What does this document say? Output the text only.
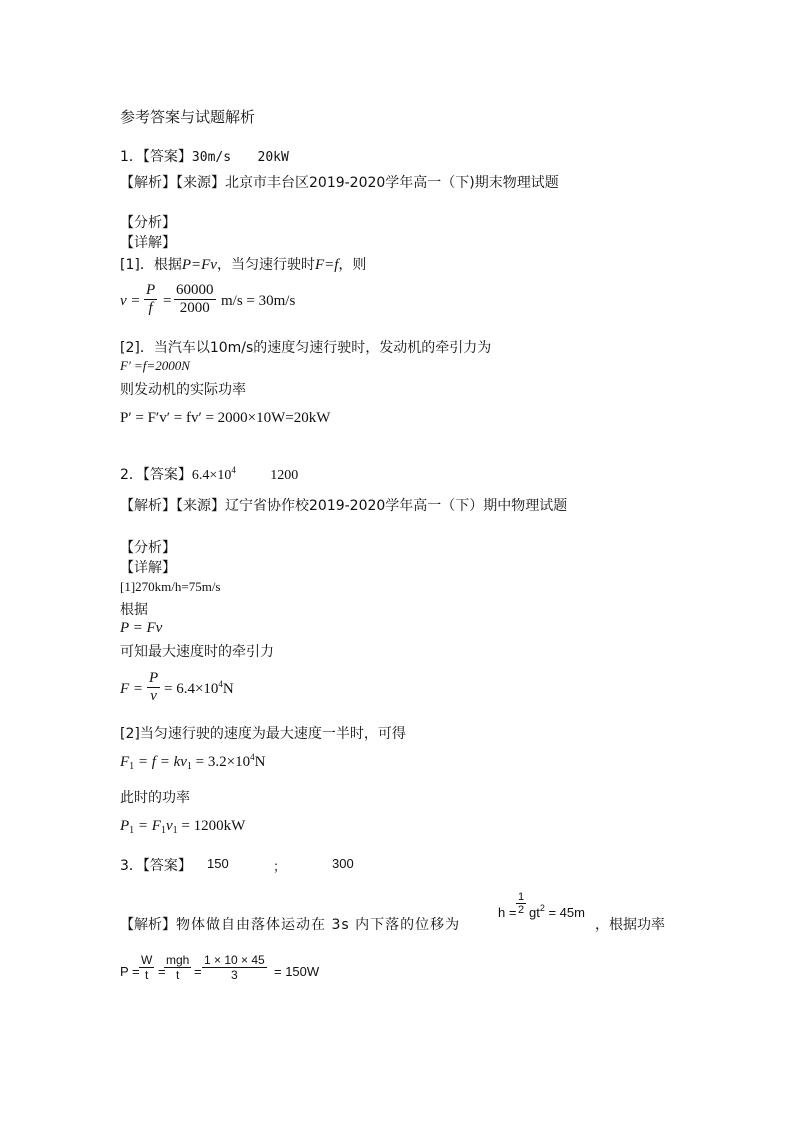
参考答案与试题解析
1．【答案】30m/s 20kW
【解析】【来源】北京市丰台区2019-2020学年高一（下)期末物理试题
【分析】
【详解】
[1]．根据P=Fv，当匀速行驶时F=f，则
$v = \frac{P}{f} = \frac{60000}{2000} m/s = 30m/s$
[2]．当汽车以10m/s的速度匀速行驶时，发动机的牵引力为
F′ =f=2000N
则发动机的实际功率
P′ = F′v′ = fv′ = 2000×10W=20kW
2．【答案】$6.4\times 10^4$ 1200
【解析】【来源】辽宁省协作校2019-2020学年高一（下）期中物理试题
【分析】
【详解】
[1]270km/h=75m/s
根据
P = Fv
可知最大速度时的牵引力
$F = \frac{P}{v} = 6.4\times 10^4N$
[2]当匀速行驶的速度为最大速度一半时，可得
$F_1 = f = kv_1 = 3.2\times 10^4N$
此时的功率
$P_1 = F_1v_1 = 1200kW$
3．【答案】 150	；	300
【解析】物体做自由落体运动在 3s 内下落的位移为
$h = \frac{1}{2} gt^2 = 45m$
，根据功率
$P = \frac{W}{t}$ =
mgh
t	= $\frac{1 \times 10 \times 45}{3} = 150W$
